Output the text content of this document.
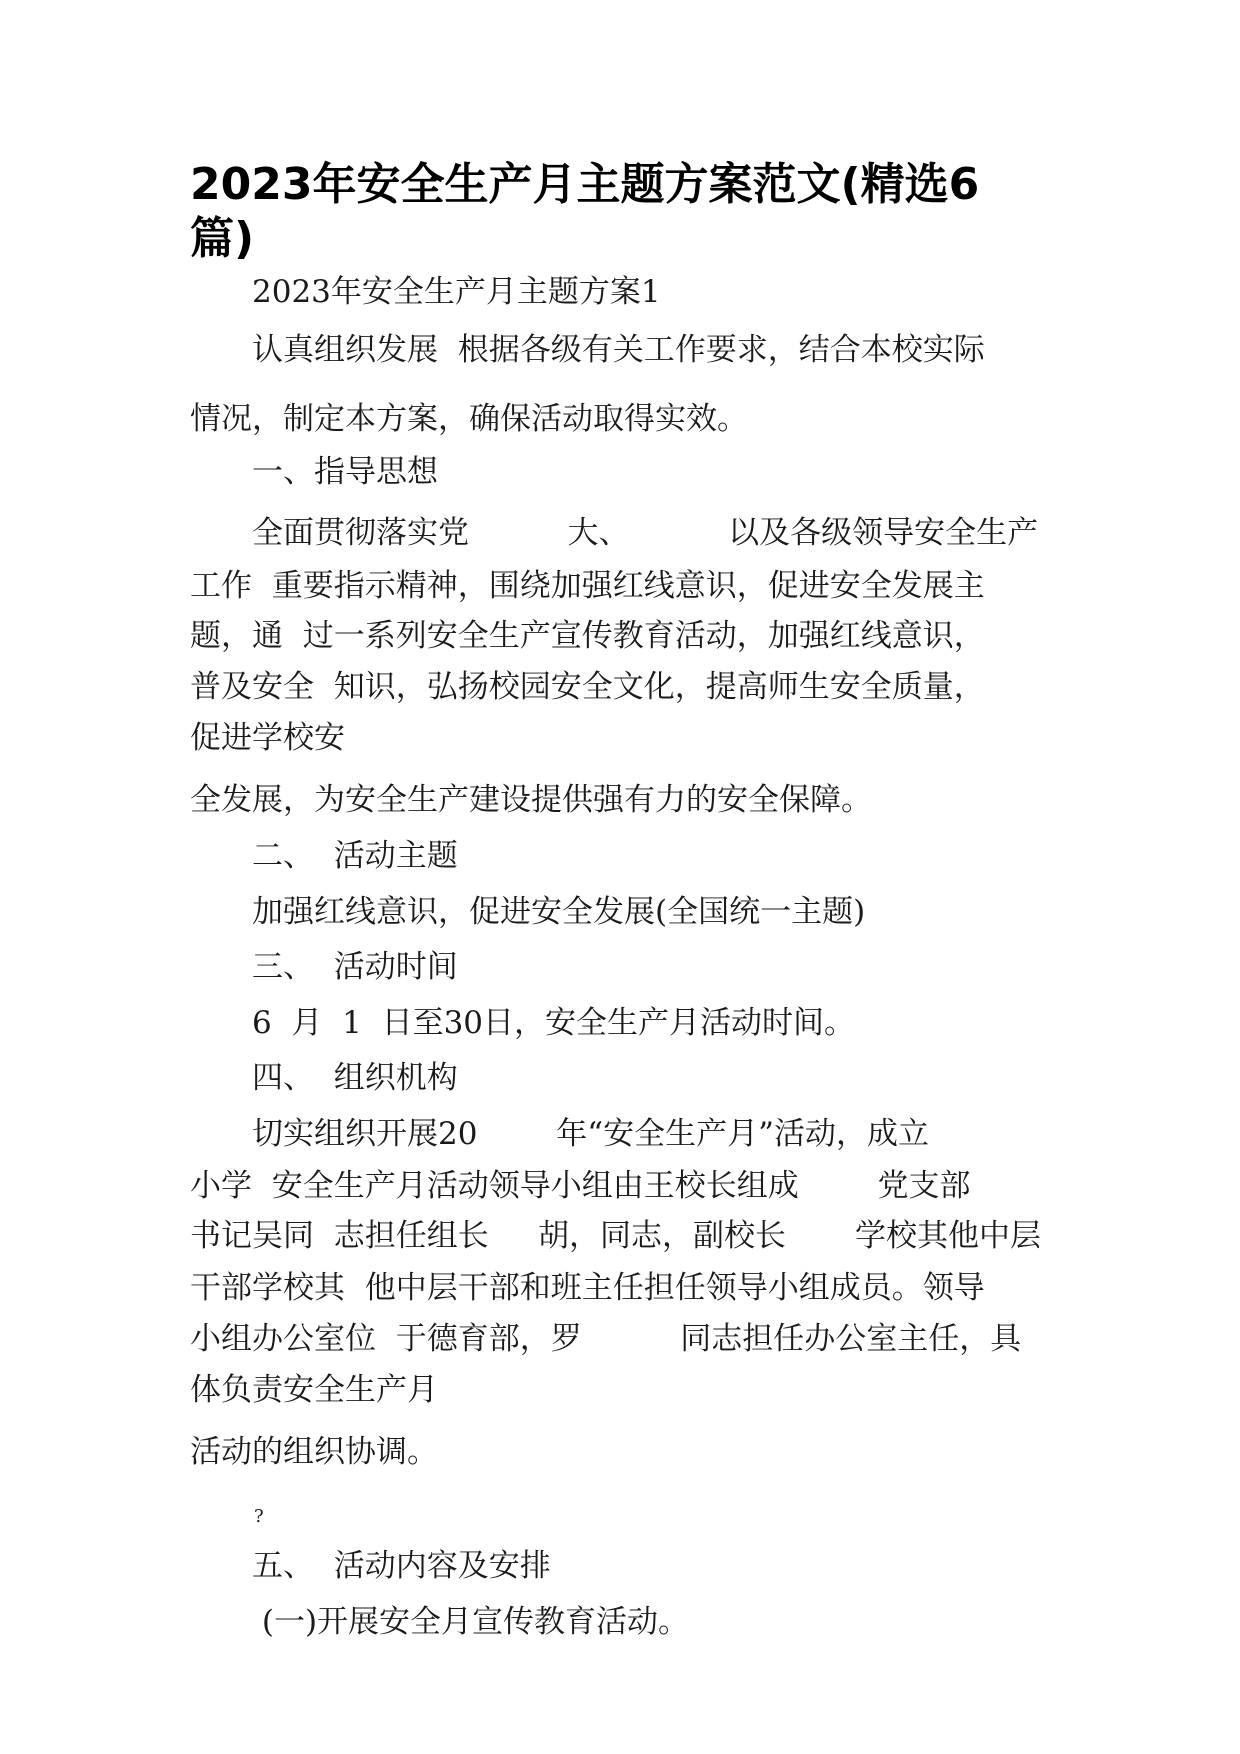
2023年安全生产月主题方案范文(精选6
篇)
2023年安全生产月主题方案1
认真组织发展  根据各级有关工作要求，结合本校实际
情况，制定本方案，确保活动取得实效。
一、指导思想
全面贯彻落实党          大、          以及各级领导安全生产
工作  重要指示精神，围绕加强红线意识，促进安全发展主
题，通  过一系列安全生产宣传教育活动，加强红线意识，
普及安全  知识，弘扬校园安全文化，提高师生安全质量，
促进学校安
全发展，为安全生产建设提供强有力的安全保障。
二、  活动主题
加强红线意识，促进安全发展(全国统一主题)
三、  活动时间
6  月  1  日至30日，安全生产月活动时间。
四、  组织机构
切实组织开展20        年“安全生产月”活动，成立
小学  安全生产月活动领导小组由王校长组成        党支部
书记吴同  志担任组长     胡，同志，副校长       学校其他中层
干部学校其  他中层干部和班主任担任领导小组成员。领导
小组办公室位  于德育部，罗          同志担任办公室主任，具
体负责安全生产月
活动的组织协调。
?
五、  活动内容及安排
(一)开展安全月宣传教育活动。
